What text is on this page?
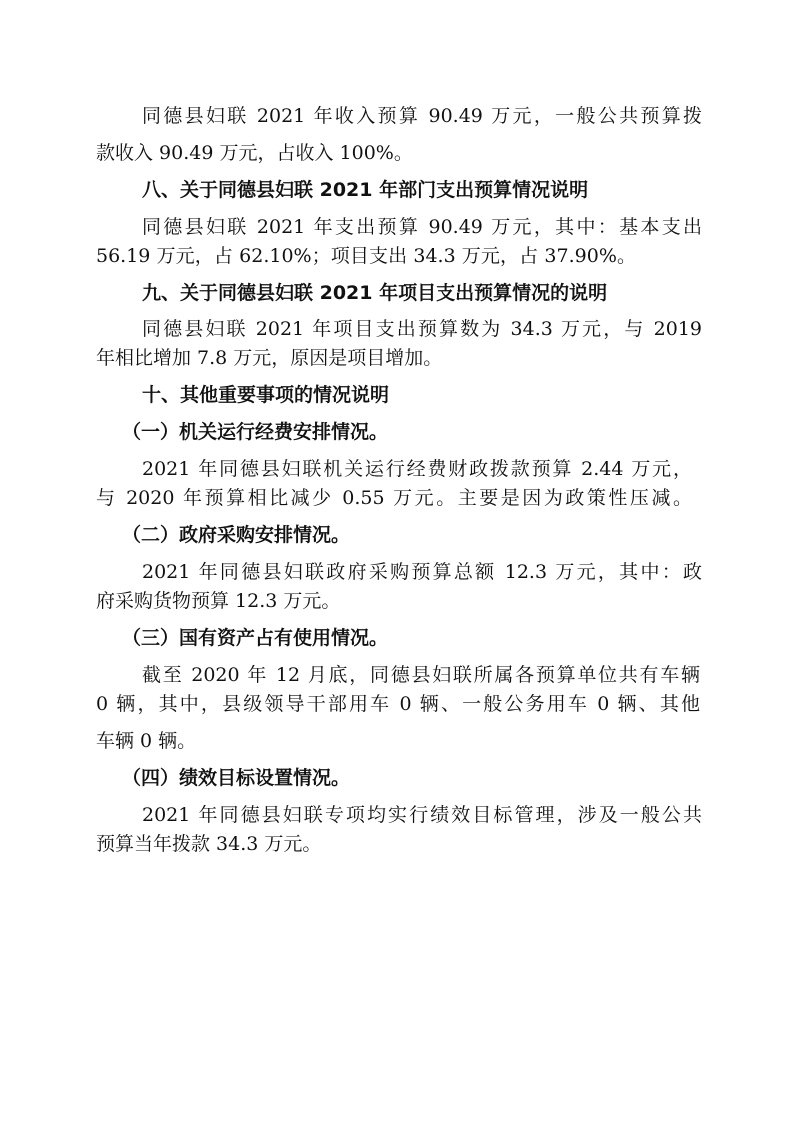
同德县妇联 2021 年收入预算 90.49 万元，一般公共预算拨
款收入 90.49 万元，占收入 100%。
八、关于同德县妇联 2021 年部门支出预算情况说明
同德县妇联 2021 年支出预算 90.49 万元，其中：基本支出
56.19 万元，占 62.10%；项目支出 34.3 万元，占 37.90%。
九、关于同德县妇联 2021 年项目支出预算情况的说明
同德县妇联 2021 年项目支出预算数为 34.3 万元，与 2019
年相比增加 7.8 万元，原因是项目增加。
十、其他重要事项的情况说明
（一）机关运行经费安排情况。
2021 年同德县妇联机关运行经费财政拨款预算 2.44 万元，
与 2020 年预算相比减少 0.55 万元。主要是因为政策性压减。
（二）政府采购安排情况。
2021 年同德县妇联政府采购预算总额 12.3 万元，其中：政
府采购货物预算 12.3 万元。
（三）国有资产占有使用情况。
截至 2020 年 12 月底，同德县妇联所属各预算单位共有车辆
0 辆，其中，县级领导干部用车 0 辆、一般公务用车 0 辆、其他
车辆 0 辆。
（四）绩效目标设置情况。
2021 年同德县妇联专项均实行绩效目标管理，涉及一般公共
预算当年拨款 34.3 万元。
